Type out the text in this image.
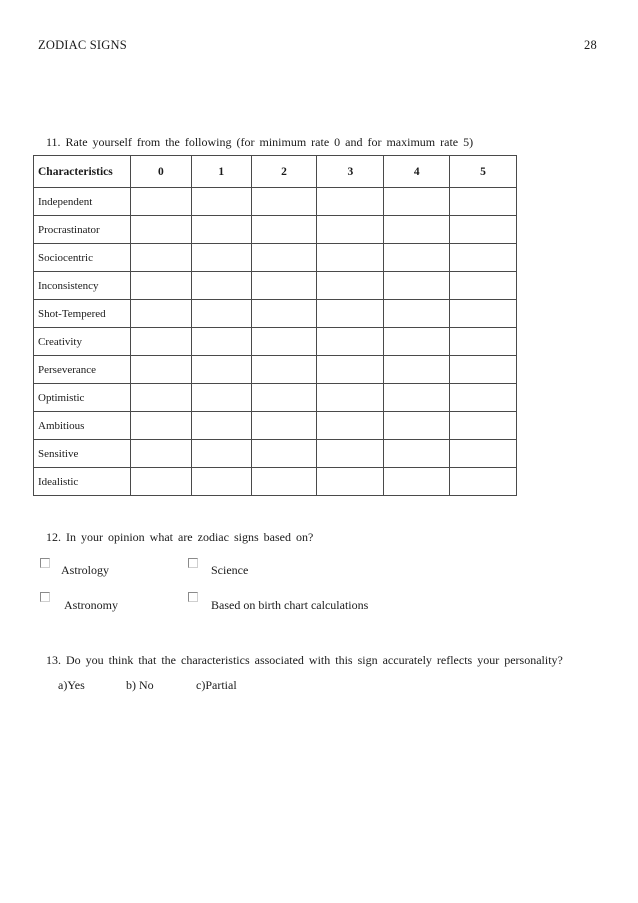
ZODIAC SIGNS	28
11. Rate yourself from the following (for minimum rate 0 and for maximum rate 5)
Characteristics	0	1	2	3	4	5
Independent						
Procrastinator						
Sociocentric						
Inconsistency						
Shot-Tempered						
Creativity						
Perseverance						
Optimistic						
Ambitious						
Sensitive						
Idealistic						
12. In your opinion what are zodiac signs based on?
Astrology	Science
Astronomy	Based on birth chart calculations
13. Do you think that the characteristics associated with this sign accurately reflects your personality?
a)Yes	b) No	c)Partial
